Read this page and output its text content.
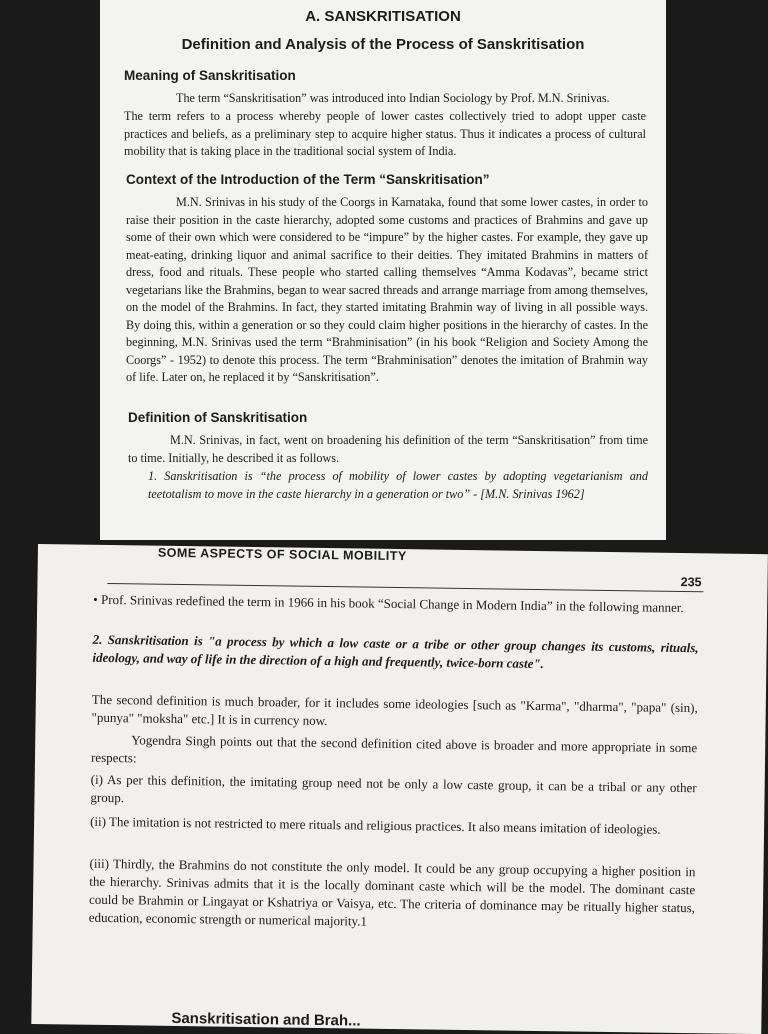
A. SANSKRITISATION
Definition and Analysis of the Process of Sanskritisation
Meaning of Sanskritisation
The term “Sanskritisation” was introduced into Indian Sociology by Prof. M.N. Srinivas.
The term refers to a process whereby people of lower castes collectively tried to adopt upper caste practices and beliefs, as a preliminary step to acquire higher status. Thus it indicates a process of cultural mobility that is taking place in the traditional social system of India.
Context of the Introduction of the Term “Sanskritisation”
M.N. Srinivas in his study of the Coorgs in Karnataka, found that some lower castes, in order to raise their position in the caste hierarchy, adopted some customs and practices of Brahmins and gave up some of their own which were considered to be “impure” by the higher castes. For example, they gave up meat-eating, drinking liquor and animal sacrifice to their deities. They imitated Brahmins in matters of dress, food and rituals. These people who started calling themselves “Amma Kodavas”, became strict vegetarians like the Brahmins, began to wear sacred threads and arrange marriage from among themselves, on the model of the Brahmins. In fact, they started imitating Brahmin way of living in all possible ways. By doing this, within a generation or so they could claim higher positions in the hierarchy of castes. In the beginning, M.N. Srinivas used the term “Brahminisation” (in his book “Religion and Society Among the Coorgs” - 1952) to denote this process. The term “Brahminisation” denotes the imitation of Brahmin way of life. Later on, he replaced it by “Sanskritisation”.
Definition of Sanskritisation
M.N. Srinivas, in fact, went on broadening his definition of the term “Sanskritisation” from time to time. Initially, he described it as follows.
1. Sanskritisation is “the process of mobility of lower castes by adopting vegetarianism and teetotalism to move in the caste hierarchy in a generation or two” - [M.N. Srinivas 1962]
SOME ASPECTS OF SOCIAL MOBILITY
235
• Prof. Srinivas redefined the term in 1966 in his book “Social Change in Modern India” in the following manner.
2. Sanskritisation is "a process by which a low caste or a tribe or other group changes its customs, rituals, ideology, and way of life in the direction of a high and frequently, twice-born caste".
The second definition is much broader, for it includes some ideologies [such as "Karma", "dharma", "papa" (sin), "punya" "moksha" etc.] It is in currency now.
Yogendra Singh points out that the second definition cited above is broader and more appropriate in some respects:
(i) As per this definition, the imitating group need not be only a low caste group, it can be a tribal or any other group.
(ii) The imitation is not restricted to mere rituals and religious practices. It also means imitation of ideologies.
(iii) Thirdly, the Brahmins do not constitute the only model. It could be any group occupying a higher position in the hierarchy. Srinivas admits that it is the locally dominant caste which will be the model. The dominant caste could be Brahmin or Lingayat or Kshatriya or Vaisya, etc. The criteria of dominance may be ritually higher status, education, economic strength or numerical majority.1
Sanskritisation and Brah...
